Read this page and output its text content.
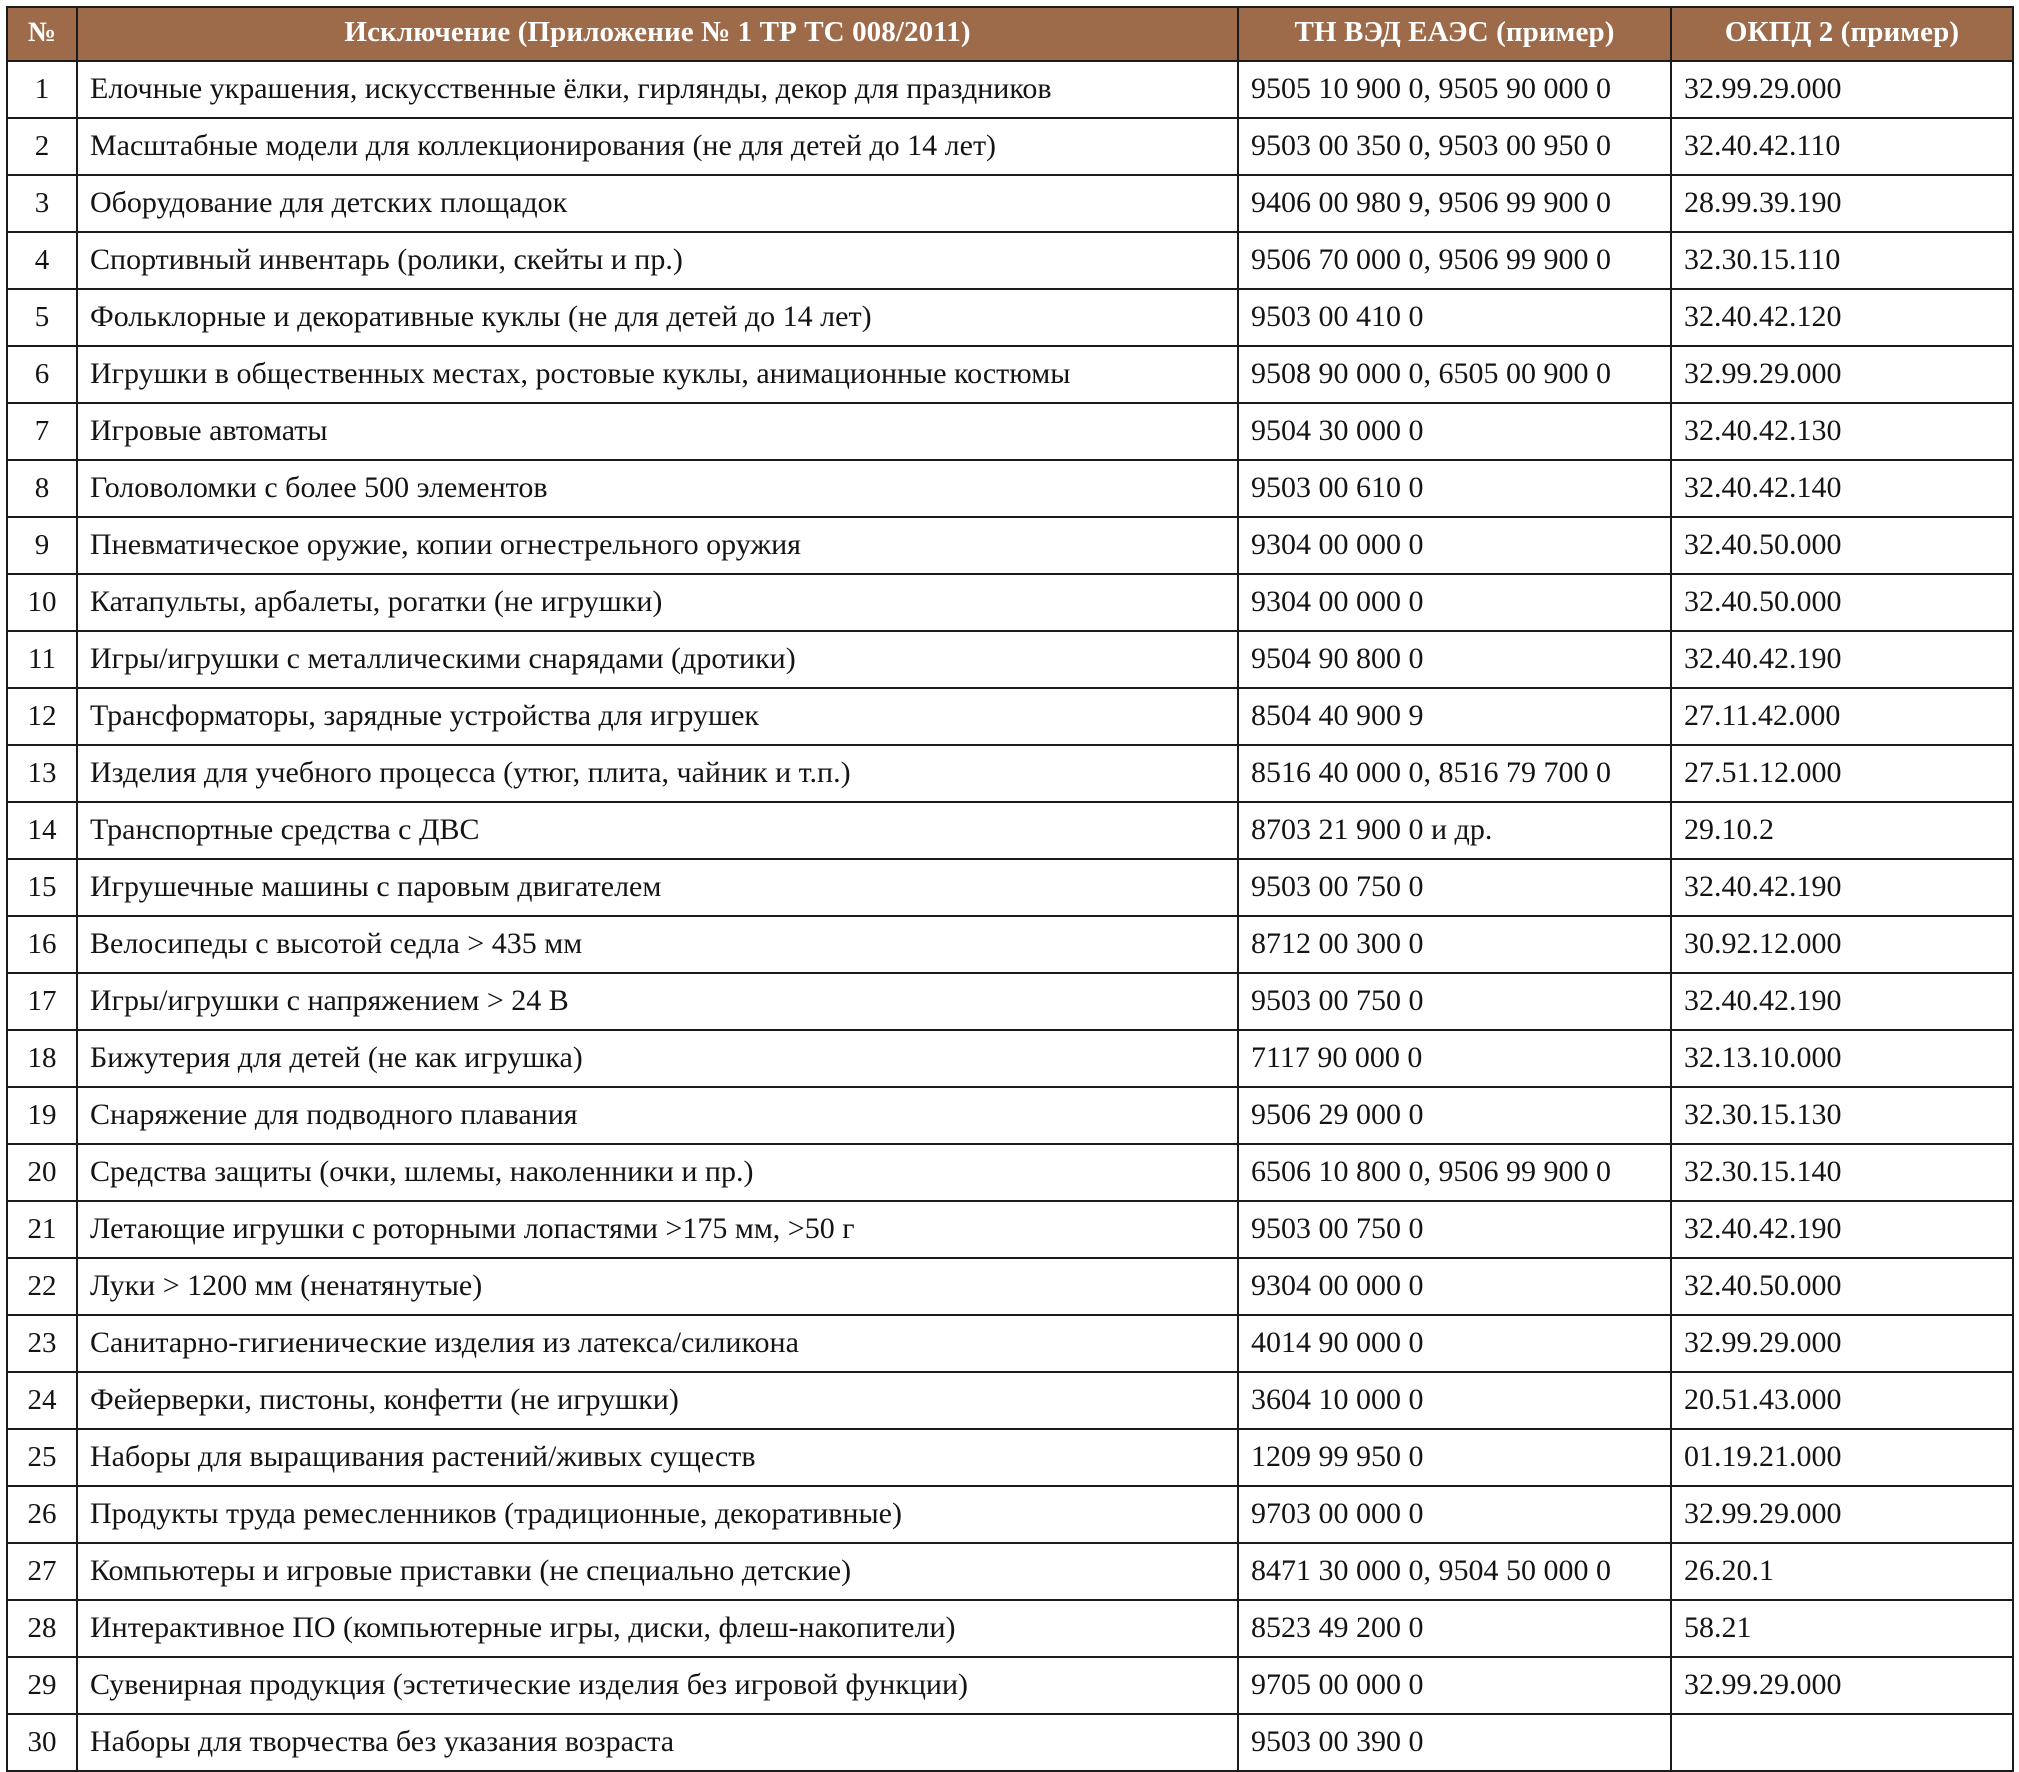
№	Исключение (Приложение № 1 ТР ТС 008/2011)	ТН ВЭД ЕАЭС (пример)	ОКПД 2 (пример)
1	Елочные украшения, искусственные ёлки, гирлянды, декор для праздников	9505 10 900 0, 9505 90 000 0	32.99.29.000
2	Масштабные модели для коллекционирования (не для детей до 14 лет)	9503 00 350 0, 9503 00 950 0	32.40.42.110
3	Оборудование для детских площадок	9406 00 980 9, 9506 99 900 0	28.99.39.190
4	Спортивный инвентарь (ролики, скейты и пр.)	9506 70 000 0, 9506 99 900 0	32.30.15.110
5	Фольклорные и декоративные куклы (не для детей до 14 лет)	9503 00 410 0	32.40.42.120
6	Игрушки в общественных местах, ростовые куклы, анимационные костюмы	9508 90 000 0, 6505 00 900 0	32.99.29.000
7	Игровые автоматы	9504 30 000 0	32.40.42.130
8	Головоломки с более 500 элементов	9503 00 610 0	32.40.42.140
9	Пневматическое оружие, копии огнестрельного оружия	9304 00 000 0	32.40.50.000
10	Катапульты, арбалеты, рогатки (не игрушки)	9304 00 000 0	32.40.50.000
11	Игры/игрушки с металлическими снарядами (дротики)	9504 90 800 0	32.40.42.190
12	Трансформаторы, зарядные устройства для игрушек	8504 40 900 9	27.11.42.000
13	Изделия для учебного процесса (утюг, плита, чайник и т.п.)	8516 40 000 0, 8516 79 700 0	27.51.12.000
14	Транспортные средства с ДВС	8703 21 900 0 и др.	29.10.2
15	Игрушечные машины с паровым двигателем	9503 00 750 0	32.40.42.190
16	Велосипеды с высотой седла > 435 мм	8712 00 300 0	30.92.12.000
17	Игры/игрушки с напряжением > 24 В	9503 00 750 0	32.40.42.190
18	Бижутерия для детей (не как игрушка)	7117 90 000 0	32.13.10.000
19	Снаряжение для подводного плавания	9506 29 000 0	32.30.15.130
20	Средства защиты (очки, шлемы, наколенники и пр.)	6506 10 800 0, 9506 99 900 0	32.30.15.140
21	Летающие игрушки с роторными лопастями >175 мм, >50 г	9503 00 750 0	32.40.42.190
22	Луки > 1200 мм (ненатянутые)	9304 00 000 0	32.40.50.000
23	Санитарно-гигиенические изделия из латекса/силикона	4014 90 000 0	32.99.29.000
24	Фейерверки, пистоны, конфетти (не игрушки)	3604 10 000 0	20.51.43.000
25	Наборы для выращивания растений/живых существ	1209 99 950 0	01.19.21.000
26	Продукты труда ремесленников (традиционные, декоративные)	9703 00 000 0	32.99.29.000
27	Компьютеры и игровые приставки (не специально детские)	8471 30 000 0, 9504 50 000 0	26.20.1
28	Интерактивное ПО (компьютерные игры, диски, флеш-накопители)	8523 49 200 0	58.21
29	Сувенирная продукция (эстетические изделия без игровой функции)	9705 00 000 0	32.99.29.000
30	Наборы для творчества без указания возраста	9503 00 390 0	
